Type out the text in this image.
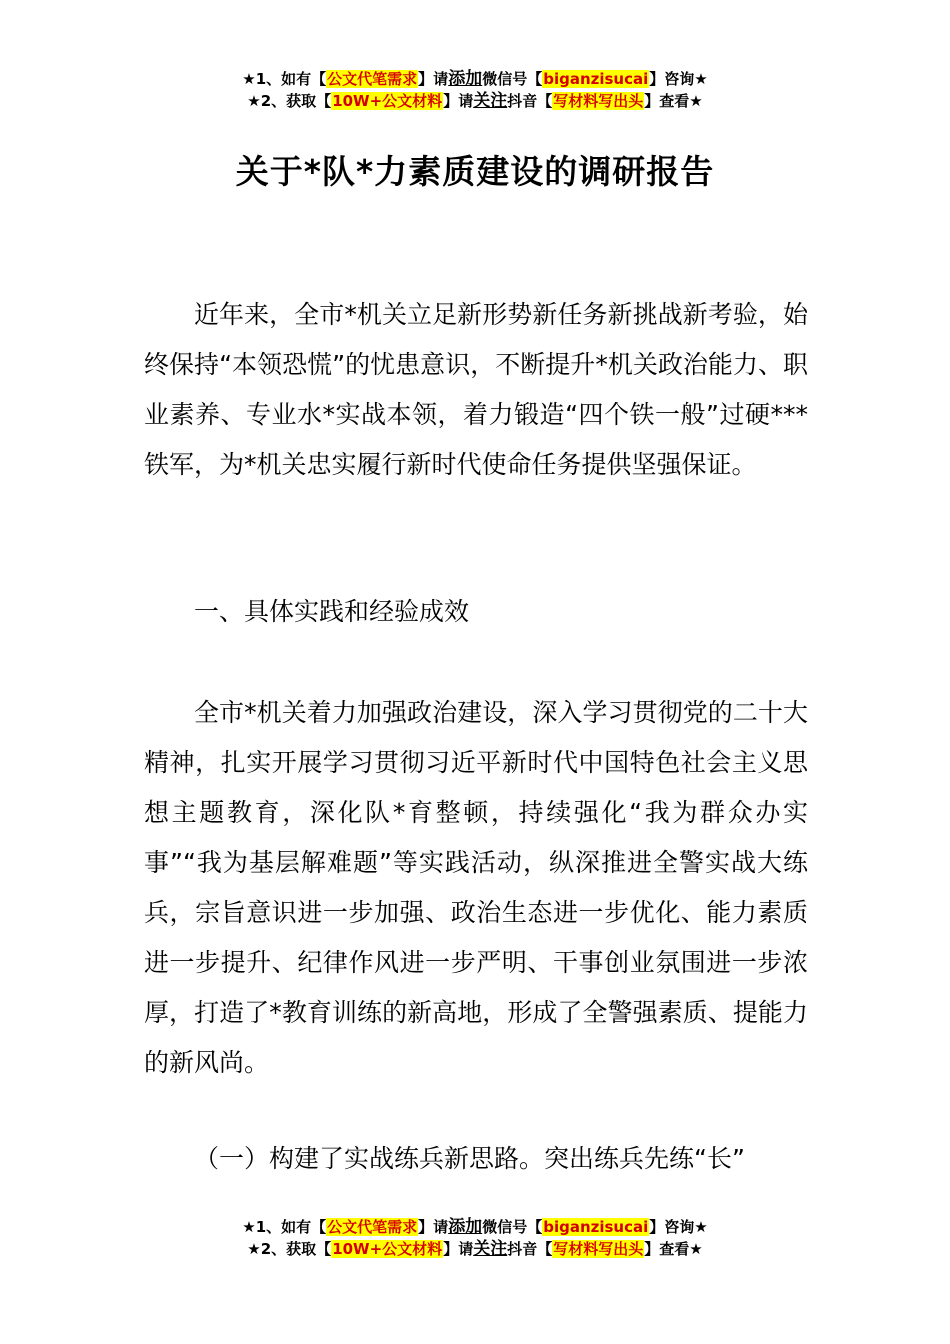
★1、如有【公文代笔需求】请添加微信号【biganzisucai】咨询★
★2、获取【10W+公文材料】请关注抖音【写材料写出头】查看★
关于*队*力素质建设的调研报告

近年来，全市*机关立足新形势新任务新挑战新考验，始终保持“本领恐慌”的忧患意识，不断提升*机关政治能力、职业素养、专业水*实战本领，着力锻造“四个铁一般”过硬***铁军，为*机关忠实履行新时代使命任务提供坚强保证。

一、具体实践和经验成效

全市*机关着力加强政治建设，深入学习贯彻党的二十大精神，扎实开展学习贯彻习近平新时代中国特色社会主义思想主题教育，深化队*育整顿，持续强化“我为群众办实事”“我为基层解难题”等实践活动，纵深推进全警实战大练兵，宗旨意识进一步加强、政治生态进一步优化、能力素质进一步提升、纪律作风进一步严明、干事创业氛围进一步浓厚，打造了*教育训练的新高地，形成了全警强素质、提能力的新风尚。

（一）构建了实战练兵新思路。突出练兵先练“长”

★1、如有【公文代笔需求】请添加微信号【biganzisucai】咨询★
★2、获取【10W+公文材料】请关注抖音【写材料写出头】查看★
